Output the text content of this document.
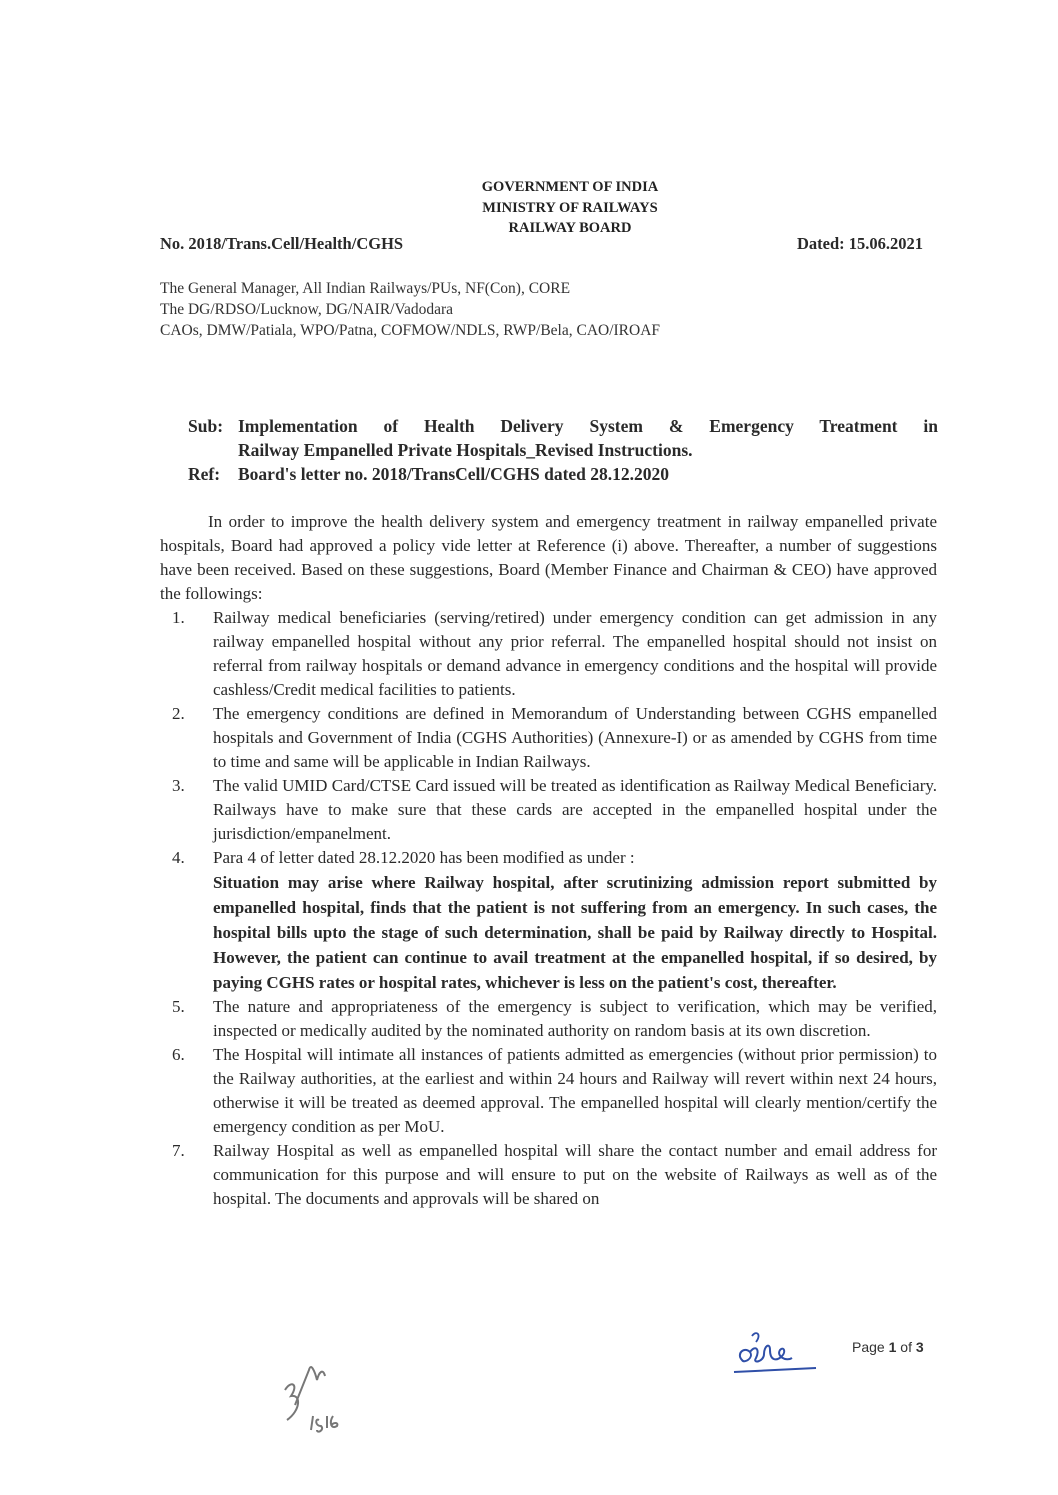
GOVERNMENT OF INDIA
MINISTRY OF RAILWAYS
RAILWAY BOARD
No. 2018/Trans.Cell/Health/CGHS	Dated: 15.06.2021
The General Manager, All Indian Railways/PUs, NF(Con), CORE
The DG/RDSO/Lucknow, DG/NAIR/Vadodara
CAOs, DMW/Patiala, WPO/Patna, COFMOW/NDLS, RWP/Bela, CAO/IROAF
Sub: Implementation of Health Delivery System & Emergency Treatment in
Railway Empanelled Private Hospitals_Revised Instructions.
Ref:	Board's letter no. 2018/TransCell/CGHS dated 28.12.2020

In order to improve the health delivery system and emergency treatment in railway empanelled private hospitals, Board had approved a policy vide letter at Reference (i) above. Thereafter, a number of suggestions have been received. Based on these suggestions, Board (Member Finance and Chairman & CEO) have approved the followings:

1.	Railway medical beneficiaries (serving/retired) under emergency condition can get admission in any railway empanelled hospital without any prior referral. The empanelled hospital should not insist on referral from railway hospitals or demand advance in emergency conditions and the hospital will provide cashless/Credit medical facilities to patients.
2.	The emergency conditions are defined in Memorandum of Understanding between CGHS empanelled hospitals and Government of India (CGHS Authorities) (Annexure-I) or as amended by CGHS from time to time and same will be applicable in Indian Railways.
3.	The valid UMID Card/CTSE Card issued will be treated as identification as Railway Medical Beneficiary. Railways have to make sure that these cards are accepted in the empanelled hospital under the jurisdiction/empanelment.
4.	Para 4 of letter dated 28.12.2020 has been modified as under :
Situation may arise where Railway hospital, after scrutinizing admission report submitted by empanelled hospital, finds that the patient is not suffering from an emergency. In such cases, the hospital bills upto the stage of such determination, shall be paid by Railway directly to Hospital. However, the patient can continue to avail treatment at the empanelled hospital, if so desired, by paying CGHS rates or hospital rates, whichever is less on the patient's cost, thereafter.
5.	The nature and appropriateness of the emergency is subject to verification, which may be verified, inspected or medically audited by the nominated authority on random basis at its own discretion.
6.	The Hospital will intimate all instances of patients admitted as emergencies (without prior permission) to the Railway authorities, at the earliest and within 24 hours and Railway will revert within next 24 hours, otherwise it will be treated as deemed approval. The empanelled hospital will clearly mention/certify the emergency condition as per MoU.
7.	Railway Hospital as well as empanelled hospital will share the contact number and email address for communication for this purpose and will ensure to put on the website of Railways as well as of the hospital. The documents and approvals will be shared on
Page 1 of 3
